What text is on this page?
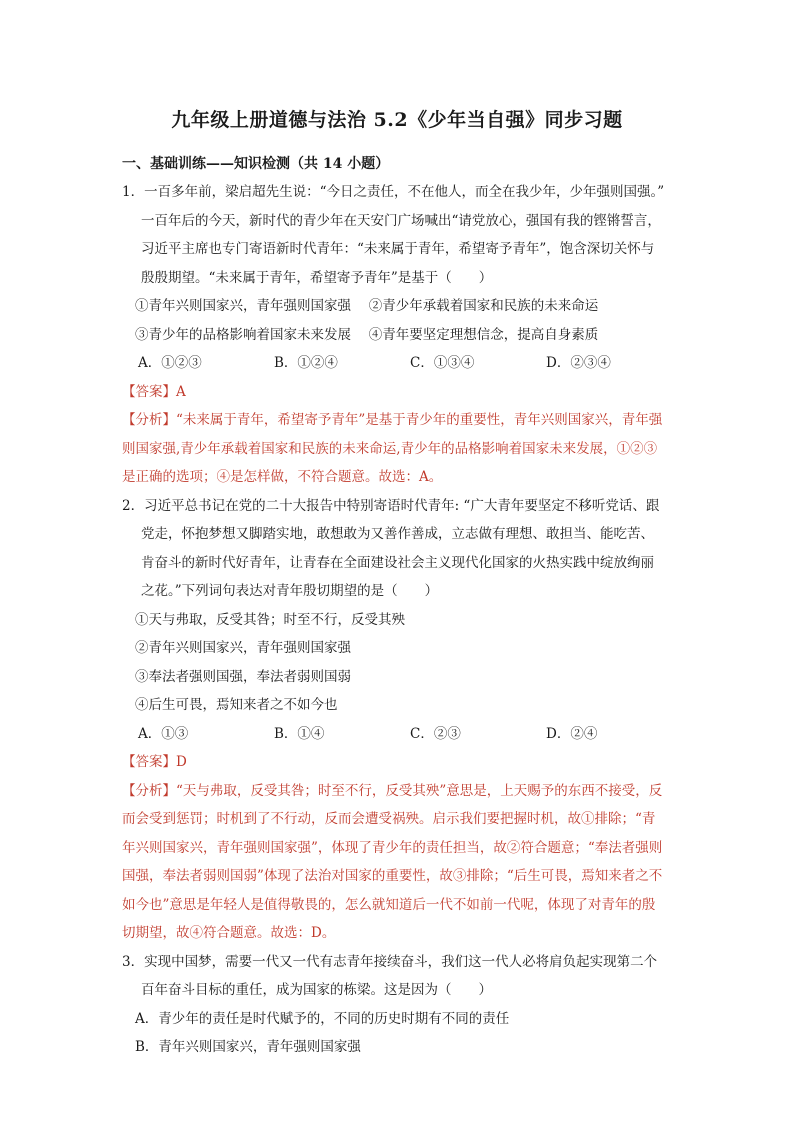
九年级上册道德与法治 5.2《少年当自强》同步习题
一、基础训练——知识检测（共 14 小题）
1．一百多年前，梁启超先生说：“今日之责任，不在他人，而全在我少年，少年强则国强。”
一百年后的今天，新时代的青少年在天安门广场喊出“请党放心，强国有我的铿锵誓言，
习近平主席也专门寄语新时代青年：“未来属于青年，希望寄予青年”，饱含深切关怀与
殷殷期望。“未来属于青年，希望寄予青年”是基于（　　）
①青年兴则国家兴，青年强则国家强　 ②青少年承载着国家和民族的未来命运
③青少年的品格影响着国家未来发展　 ④青年要坚定理想信念，提高自身素质
A．①②③	B．①②④	C．①③④	D．②③④
【答案】A
【分析】“未来属于青年，希望寄予青年”是基于青少年的重要性，青年兴则国家兴，青年强
则国家强,青少年承载着国家和民族的未来命运,青少年的品格影响着国家未来发展，①②③
是正确的选项；④是怎样做，不符合题意。故选：A。
2．习近平总书记在党的二十大报告中特别寄语时代青年: “广大青年要坚定不移听党话、跟
党走，怀抱梦想又脚踏实地，敢想敢为又善作善成，立志做有理想、敢担当、能吃苦、
肯奋斗的新时代好青年，让青春在全面建设社会主义现代化国家的火热实践中绽放绚丽
之花。”下列词句表达对青年殷切期望的是（　　）
①天与弗取，反受其咎；时至不行，反受其殃
②青年兴则国家兴，青年强则国家强
③奉法者强则国强，奉法者弱则国弱
④后生可畏，焉知来者之不如今也
A．①③	B．①④	C．②③	D．②④
【答案】D
【分析】“天与弗取，反受其咎；时至不行，反受其殃”意思是，上天赐予的东西不接受，反
而会受到惩罚；时机到了不行动，反而会遭受祸殃。启示我们要把握时机，故①排除；“青
年兴则国家兴，青年强则国家强”，体现了青少年的责任担当，故②符合题意；“奉法者强则
国强，奉法者弱则国弱”体现了法治对国家的重要性，故③排除；“后生可畏，焉知来者之不
如今也”意思是年轻人是值得敬畏的，怎么就知道后一代不如前一代呢，体现了对青年的殷
切期望，故④符合题意。故选：D。
3．实现中国梦，需要一代又一代有志青年接续奋斗，我们这一代人必将肩负起实现第二个
百年奋斗目标的重任，成为国家的栋梁。这是因为（　　）
A．青少年的责任是时代赋予的，不同的历史时期有不同的责任
B．青年兴则国家兴，青年强则国家强
